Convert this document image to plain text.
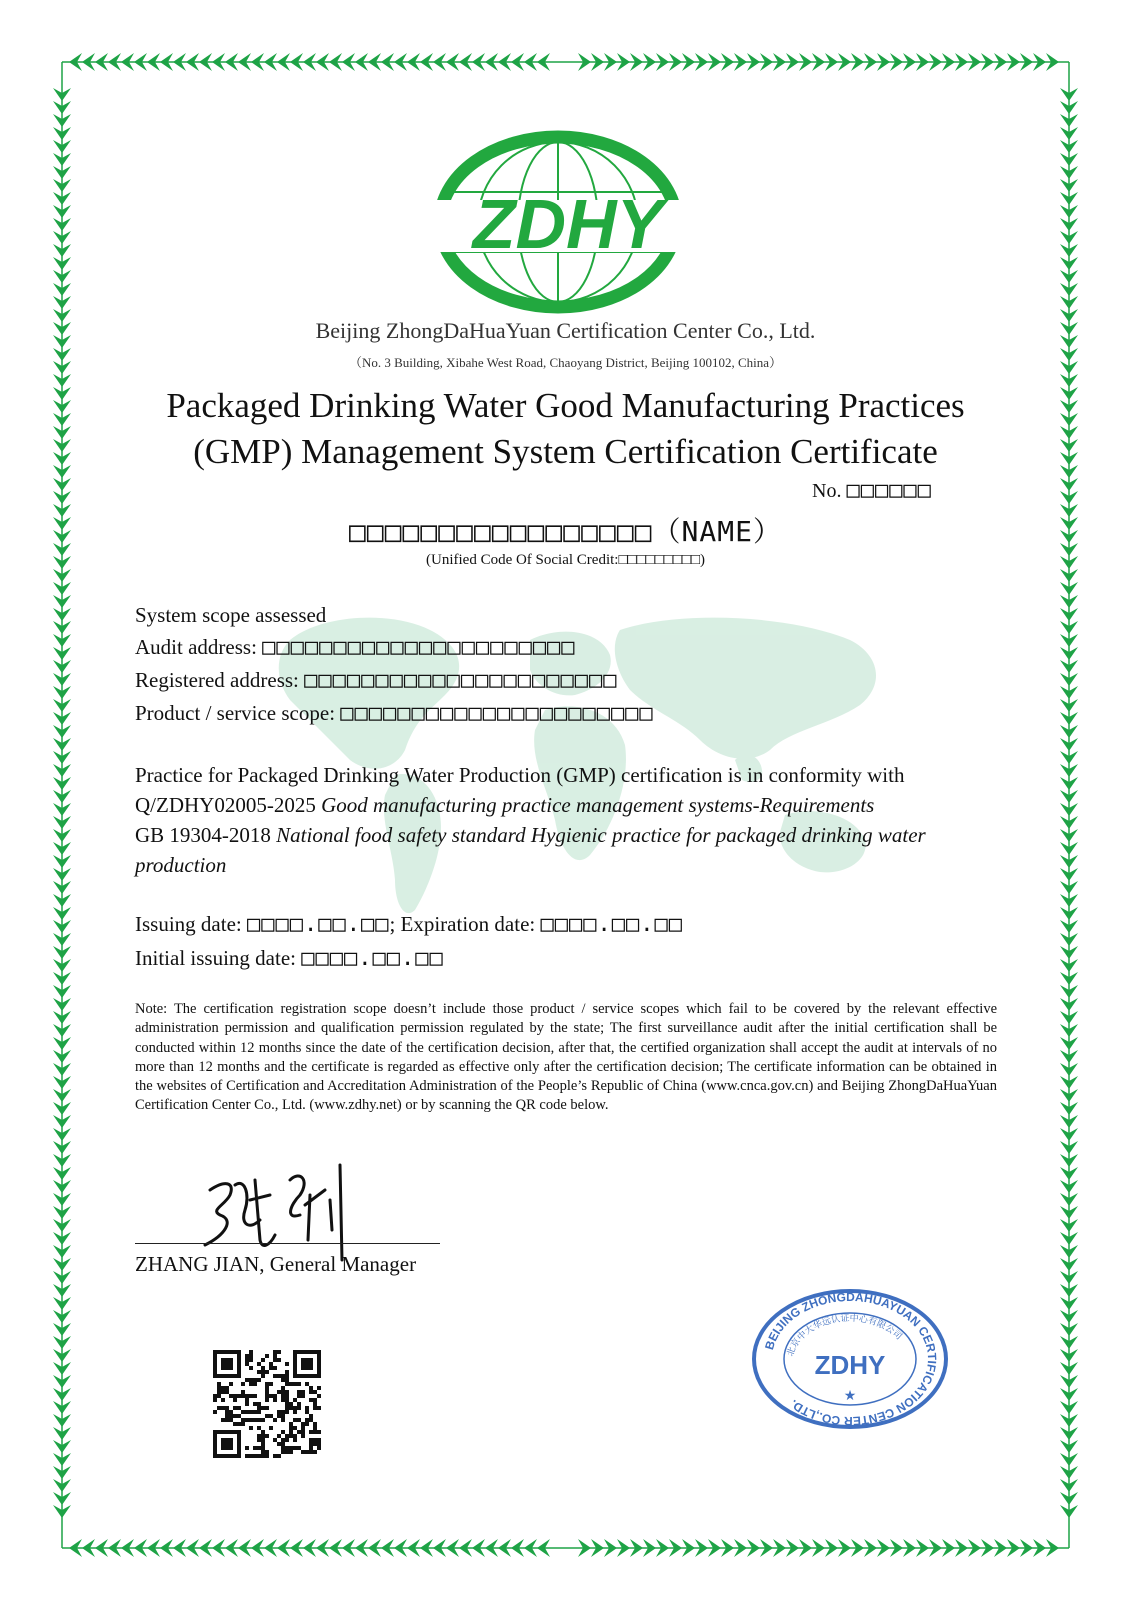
ZDHY
Beijing ZhongDaHuaYuan Certification Center Co., Ltd.
（No. 3 Building, Xibahe West Road, Chaoyang District, Beijing 100102, China）
Packaged Drinking Water Good Manufacturing Practices
(GMP) Management System Certification Certificate
No. □□□□□□
□□□□□□□□□□□□□□□□□（NAME）
(Unified Code Of Social Credit:□□□□□□□□□)
System scope assessed
Audit address: □□□□□□□□□□□□□□□□□□□□□□
Registered address: □□□□□□□□□□□□□□□□□□□□□□
Product / service scope: □□□□□□□□□□□□□□□□□□□□□□
Practice for Packaged Drinking Water Production (GMP) certification is in conformity with
Q/ZDHY02005-2025 Good manufacturing practice management systems-Requirements
GB 19304-2018 National food safety standard Hygienic practice for packaged drinking water
production
Issuing date: □□□□.□□.□□; Expiration date: □□□□.□□.□□
Initial issuing date: □□□□.□□.□□
Note: The certification registration scope doesn’t include those product / service scopes which fail to be covered by the relevant effective administration permission and qualification permission regulated by the state; The first surveillance audit after the initial certification shall be conducted within 12 months since the date of the certification decision, after that, the certified organization shall accept the audit at intervals of no more than 12 months and the certificate is regarded as effective only after the certification decision; The certificate information can be obtained in the websites of Certification and Accreditation Administration of the People’s Republic of China (www.cnca.gov.cn) and Beijing ZhongDaHuaYuan Certification Center Co., Ltd. (www.zdhy.net) or by scanning the QR code below.
ZHANG JIAN, General Manager
BEIJING ZHONGDAHUAYUAN CERTIFICATION CENTER CO.,LTD.
北京中大华远认证中心有限公司
ZDHY
★
